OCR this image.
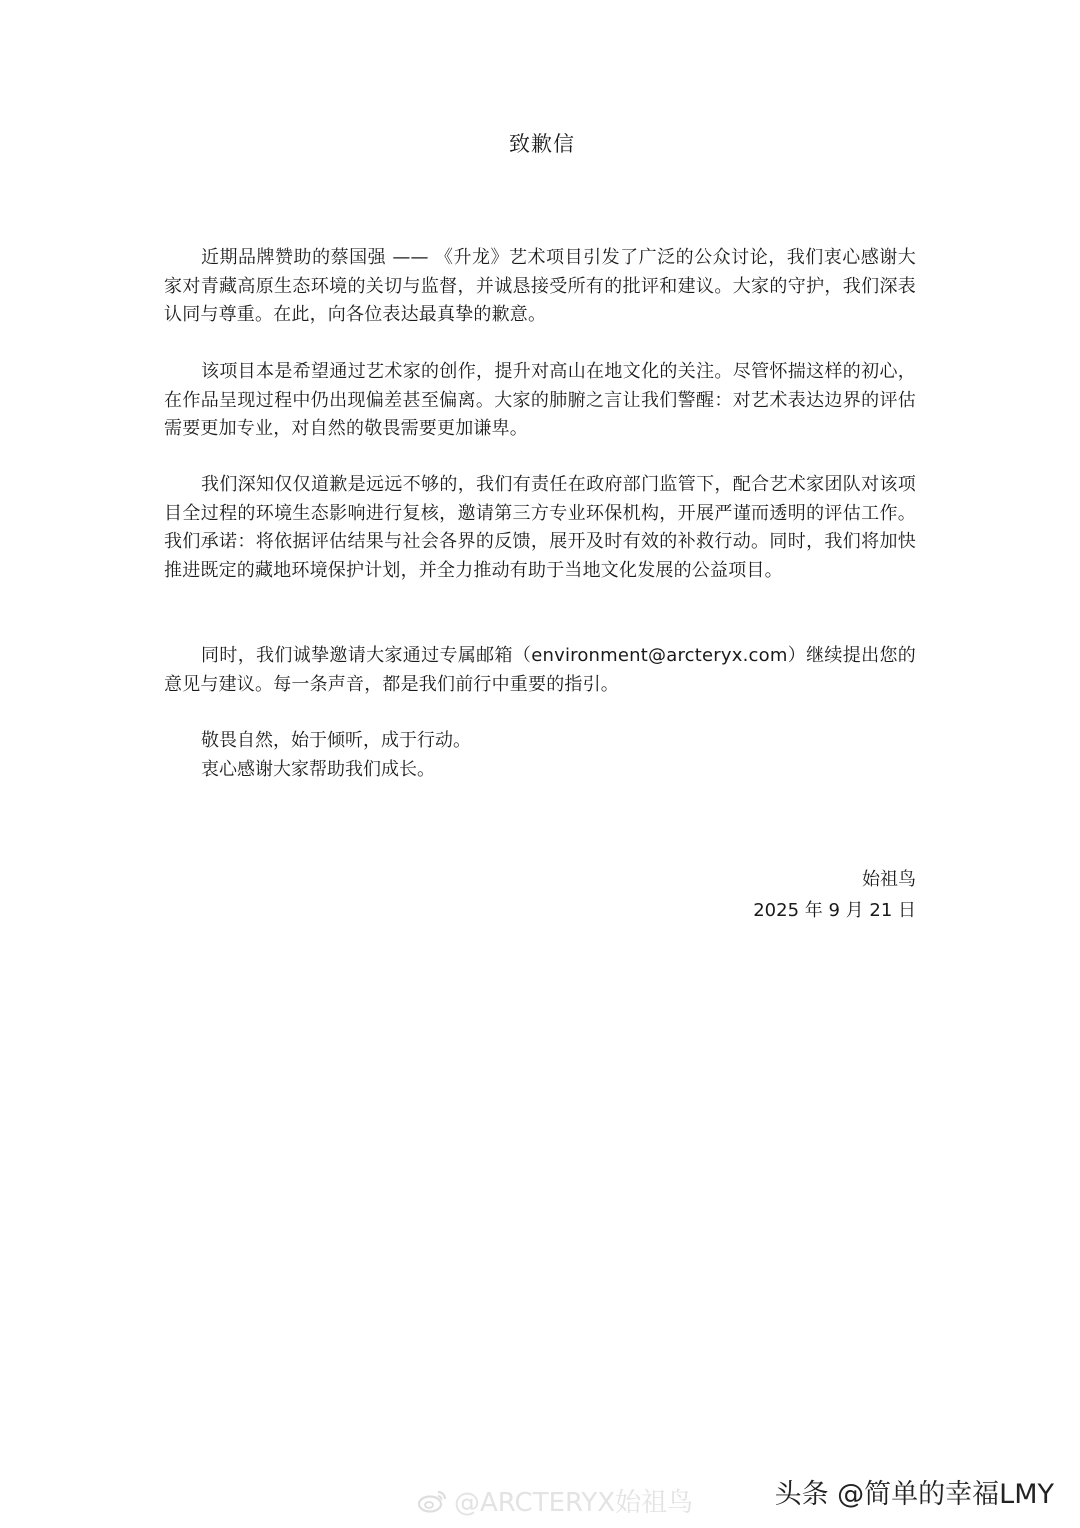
致歉信

近期品牌赞助的蔡国强 —— 《升龙》艺术项目引发了广泛的公众讨论，我们衷心感谢大家对青藏高原生态环境的关切与监督，并诚恳接受所有的批评和建议。大家的守护，我们深表认同与尊重。在此，向各位表达最真挚的歉意。

该项目本是希望通过艺术家的创作，提升对高山在地文化的关注。尽管怀揣这样的初心，在作品呈现过程中仍出现偏差甚至偏离。大家的肺腑之言让我们警醒：对艺术表达边界的评估需要更加专业，对自然的敬畏需要更加谦卑。

我们深知仅仅道歉是远远不够的，我们有责任在政府部门监管下，配合艺术家团队对该项目全过程的环境生态影响进行复核，邀请第三方专业环保机构，开展严谨而透明的评估工作。我们承诺：将依据评估结果与社会各界的反馈，展开及时有效的补救行动。同时，我们将加快推进既定的藏地环境保护计划，并全力推动有助于当地文化发展的公益项目。

同时，我们诚挚邀请大家通过专属邮箱（environment@arcteryx.com）继续提出您的意见与建议。每一条声音，都是我们前行中重要的指引。

敬畏自然，始于倾听，成于行动。

衷心感谢大家帮助我们成长。

始祖鸟
2025 年 9 月 21 日
@ARCTERYX始祖鸟	头条 @简单的幸福LMY
